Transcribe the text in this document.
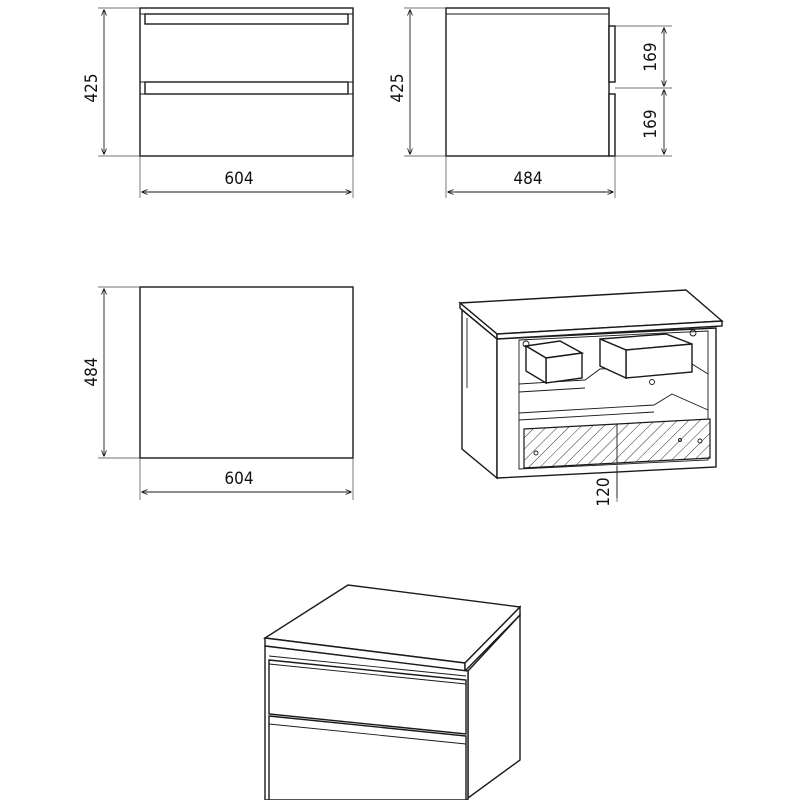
425
604
425
169
169
484
484
604	120
